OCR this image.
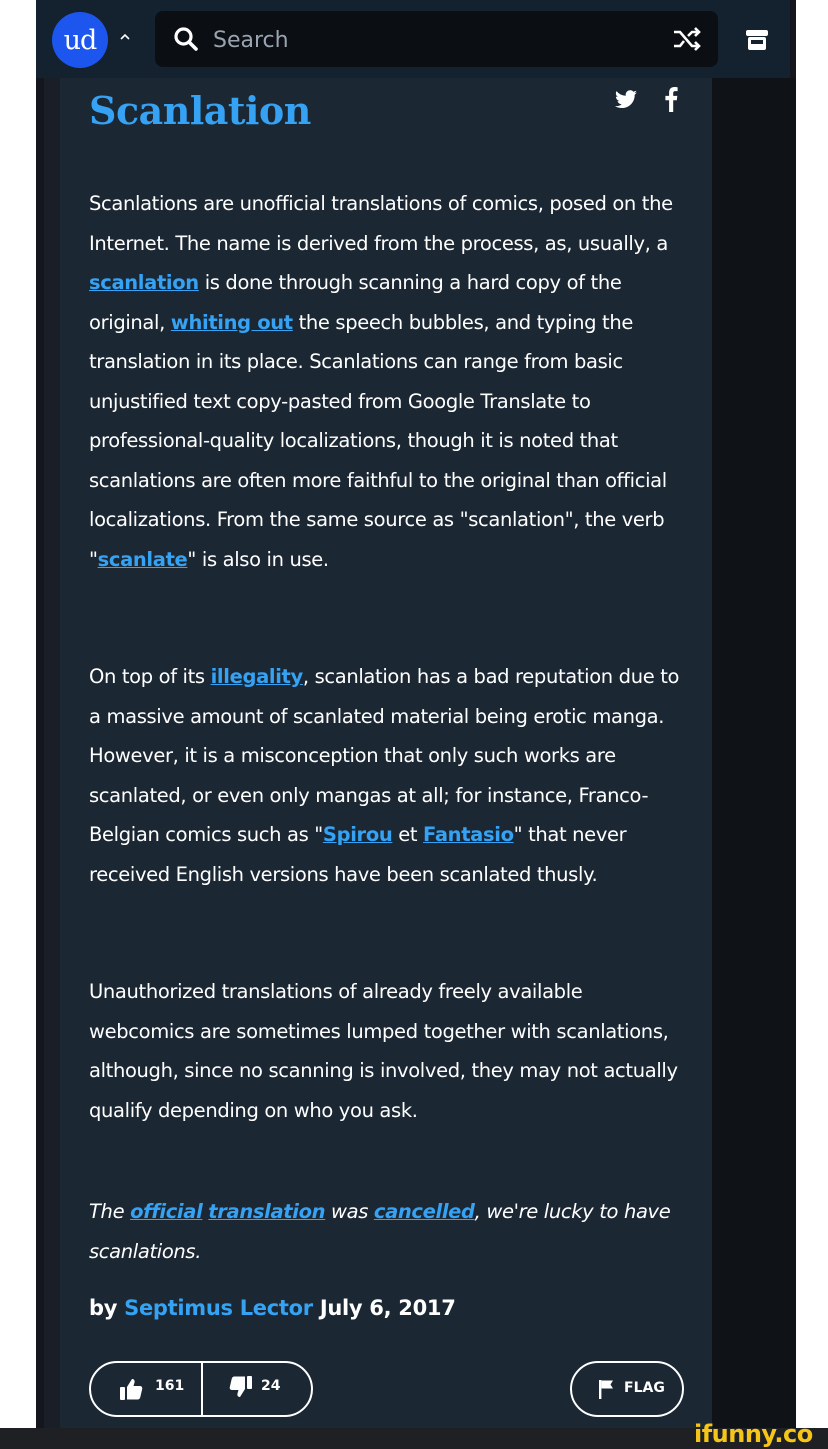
ud
Search
Scanlation

Scanlations are unofficial translations of comics, posed on the Internet. The name is derived from the process, as, usually, a scanlation is done through scanning a hard copy of the original, whiting out the speech bubbles, and typing the translation in its place. Scanlations can range from basic unjustified text copy-pasted from Google Translate to professional-quality localizations, though it is noted that scanlations are often more faithful to the original than official localizations. From the same source as "scanlation", the verb "scanlate" is also in use.

On top of its illegality, scanlation has a bad reputation due to a massive amount of scanlated material being erotic manga. However, it is a misconception that only such works are scanlated, or even only mangas at all; for instance, Franco-Belgian comics such as "Spirou et Fantasio" that never received English versions have been scanlated thusly.

Unauthorized translations of already freely available webcomics are sometimes lumped together with scanlations, although, since no scanning is involved, they may not actually qualify depending on who you ask.

The official translation was cancelled, we're lucky to have scanlations.

by Septimus Lector July 6, 2017

161	24	FLAG
ifunny.co
